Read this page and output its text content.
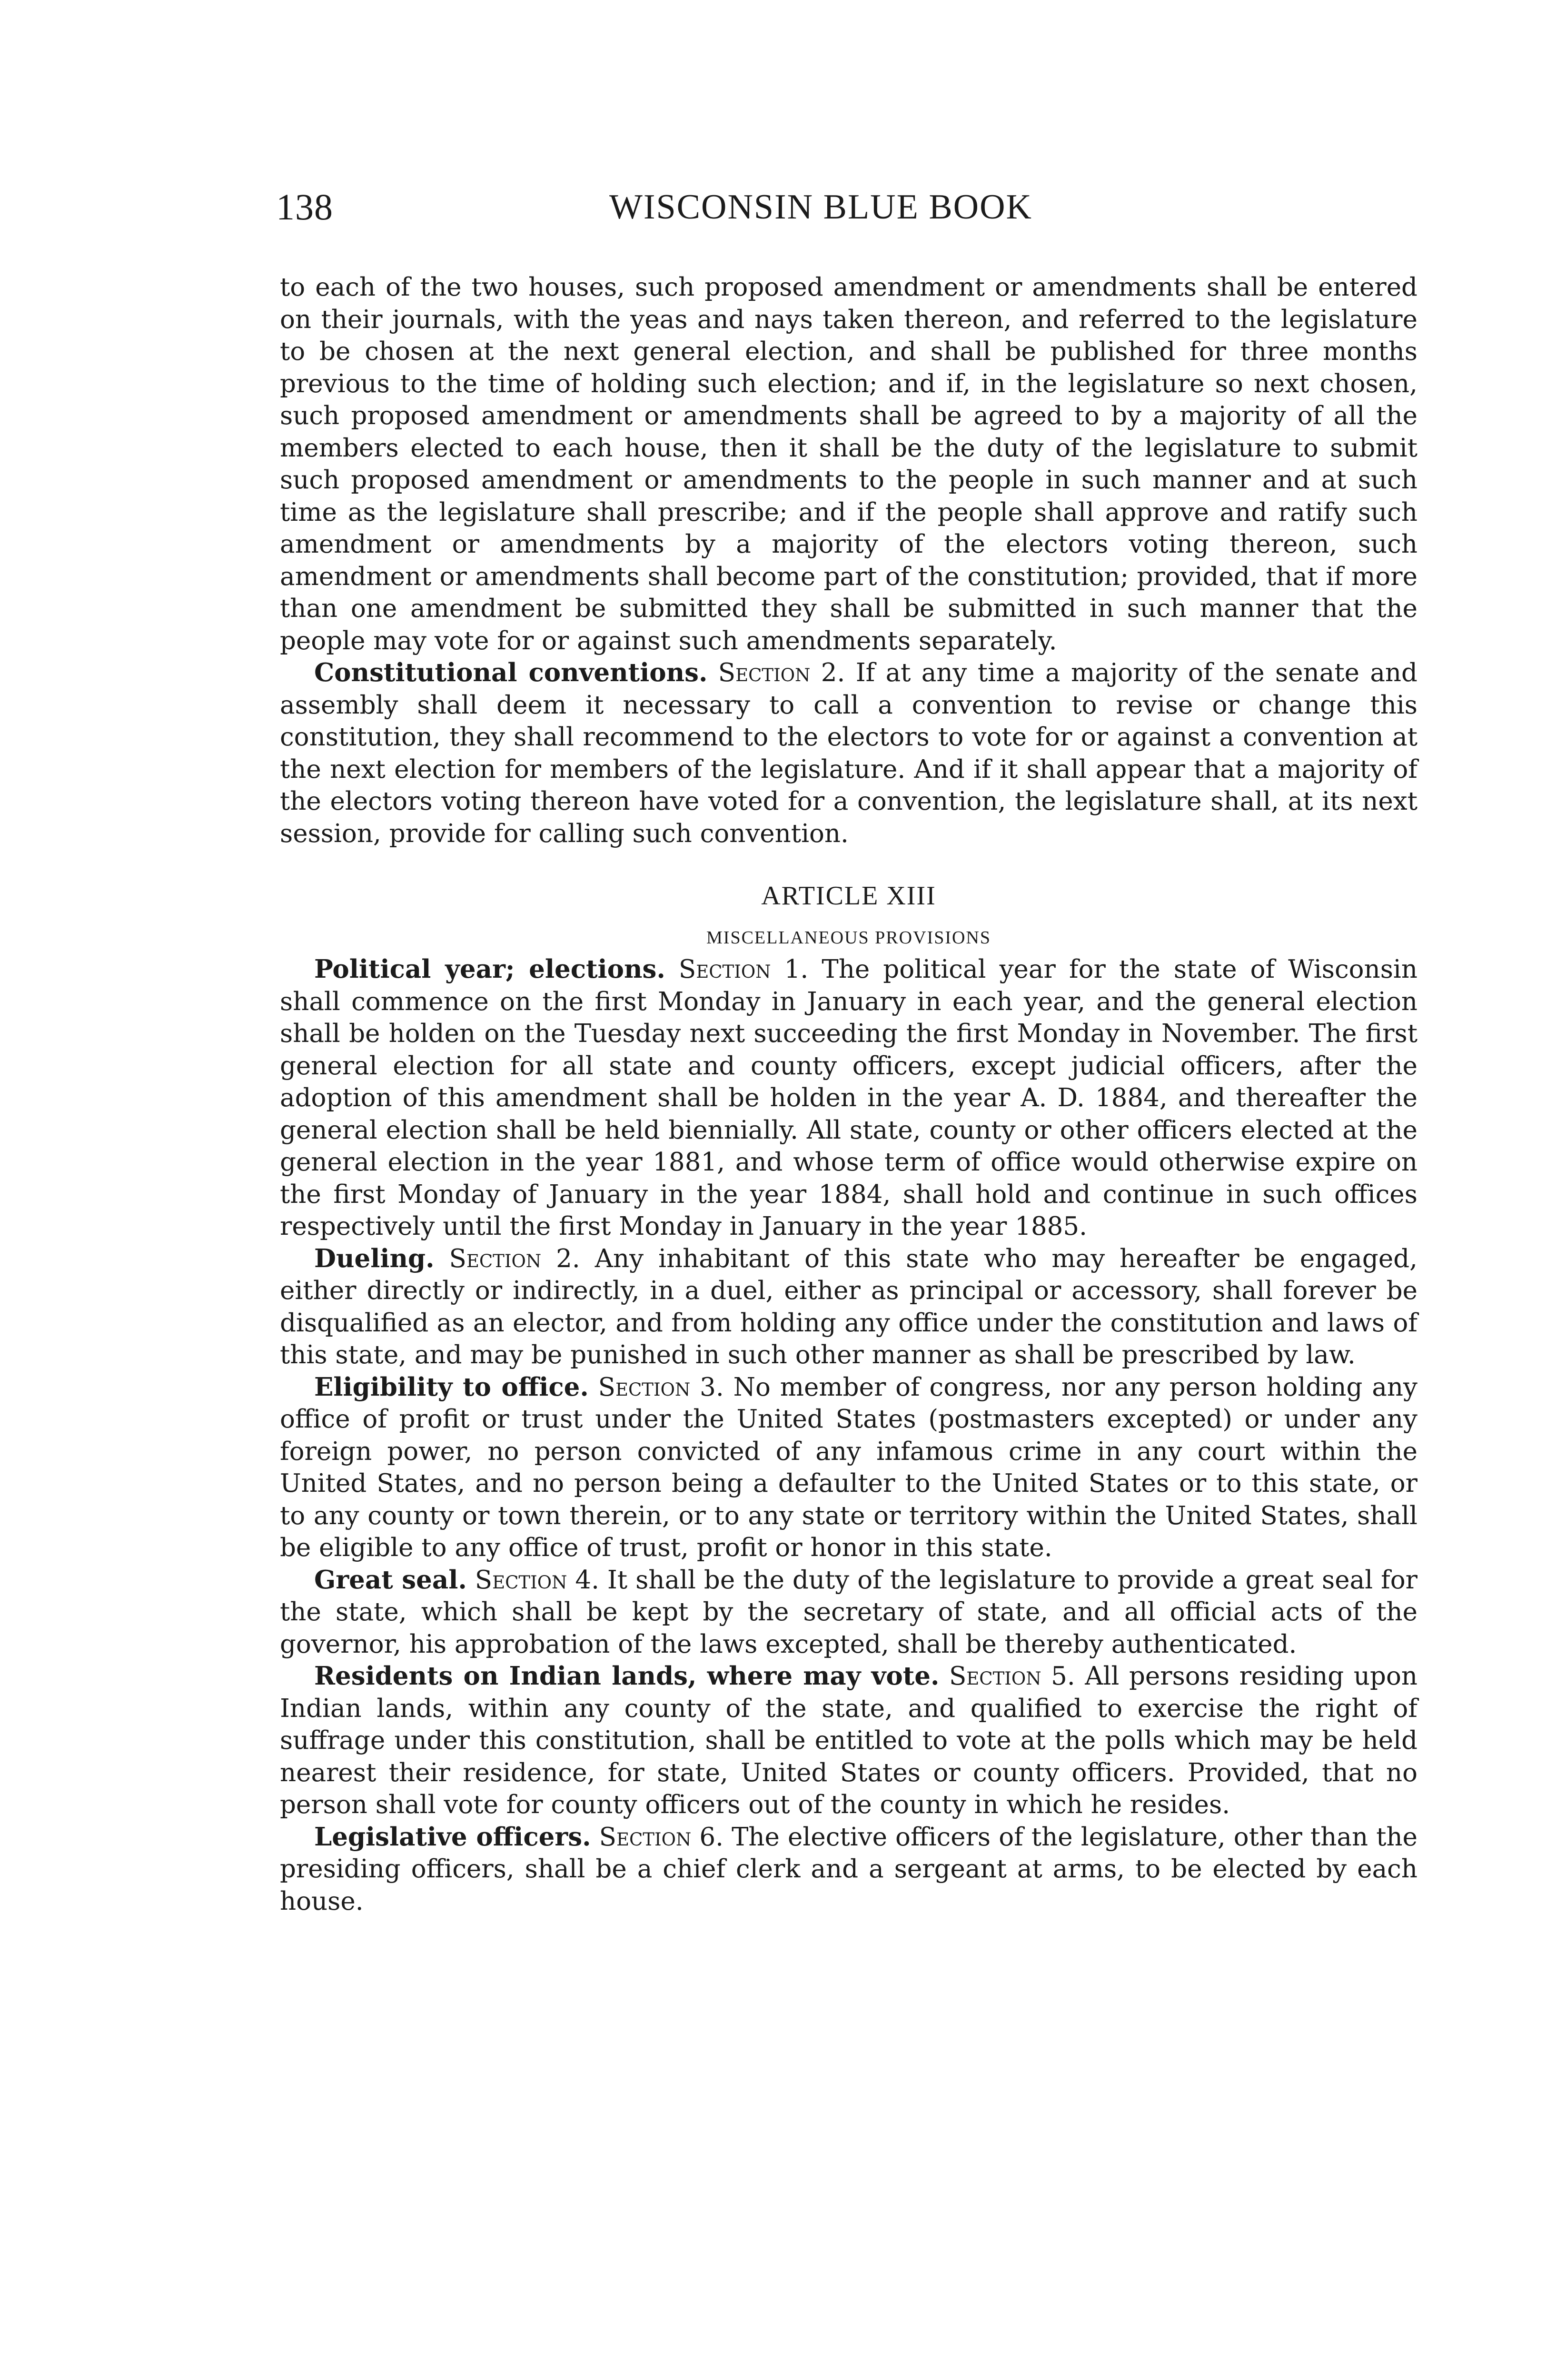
138	WISCONSIN BLUE BOOK

to each of the two houses, such proposed amendment or amendments shall be entered on their journals, with the yeas and nays taken thereon, and referred to the legislature to be chosen at the next general election, and shall be published for three months previous to the time of holding such election; and if, in the legislature so next chosen, such proposed amendment or amendments shall be agreed to by a majority of all the members elected to each house, then it shall be the duty of the legislature to submit such proposed amendment or amendments to the people in such manner and at such time as the legislature shall prescribe; and if the people shall approve and ratify such amendment or amendments by a majority of the electors voting thereon, such amendment or amendments shall become part of the constitution; provided, that if more than one amendment be submitted they shall be submitted in such manner that the people may vote for or against such amendments separately.

Constitutional conventions. Section 2. If at any time a majority of the senate and assembly shall deem it necessary to call a convention to revise or change this constitution, they shall recommend to the electors to vote for or against a convention at the next election for members of the legislature. And if it shall appear that a majority of the electors voting thereon have voted for a convention, the legislature shall, at its next session, provide for calling such convention.

ARTICLE XIII
MISCELLANEOUS PROVISIONS

Political year; elections. Section 1. The political year for the state of Wisconsin shall commence on the first Monday in January in each year, and the general election shall be holden on the Tuesday next succeeding the first Monday in November. The first general election for all state and county officers, except judicial officers, after the adoption of this amendment shall be holden in the year A. D. 1884, and thereafter the general election shall be held biennially. All state, county or other officers elected at the general election in the year 1881, and whose term of office would otherwise expire on the first Monday of January in the year 1884, shall hold and continue in such offices respectively until the first Monday in January in the year 1885.

Dueling. Section 2. Any inhabitant of this state who may hereafter be engaged, either directly or indirectly, in a duel, either as principal or accessory, shall forever be disqualified as an elector, and from holding any office under the constitution and laws of this state, and may be punished in such other manner as shall be prescribed by law.

Eligibility to office. Section 3. No member of congress, nor any person holding any office of profit or trust under the United States (postmasters excepted) or under any foreign power, no person convicted of any infamous crime in any court within the United States, and no person being a defaulter to the United States or to this state, or to any county or town therein, or to any state or territory within the United States, shall be eligible to any office of trust, profit or honor in this state.

Great seal. Section 4. It shall be the duty of the legislature to provide a great seal for the state, which shall be kept by the secretary of state, and all official acts of the governor, his approbation of the laws excepted, shall be thereby authenticated.

Residents on Indian lands, where may vote. Section 5. All persons residing upon Indian lands, within any county of the state, and qualified to exercise the right of suffrage under this constitution, shall be entitled to vote at the polls which may be held nearest their residence, for state, United States or county officers. Provided, that no person shall vote for county officers out of the county in which he resides.

Legislative officers. Section 6. The elective officers of the legislature, other than the presiding officers, shall be a chief clerk and a sergeant at arms, to be elected by each house.
